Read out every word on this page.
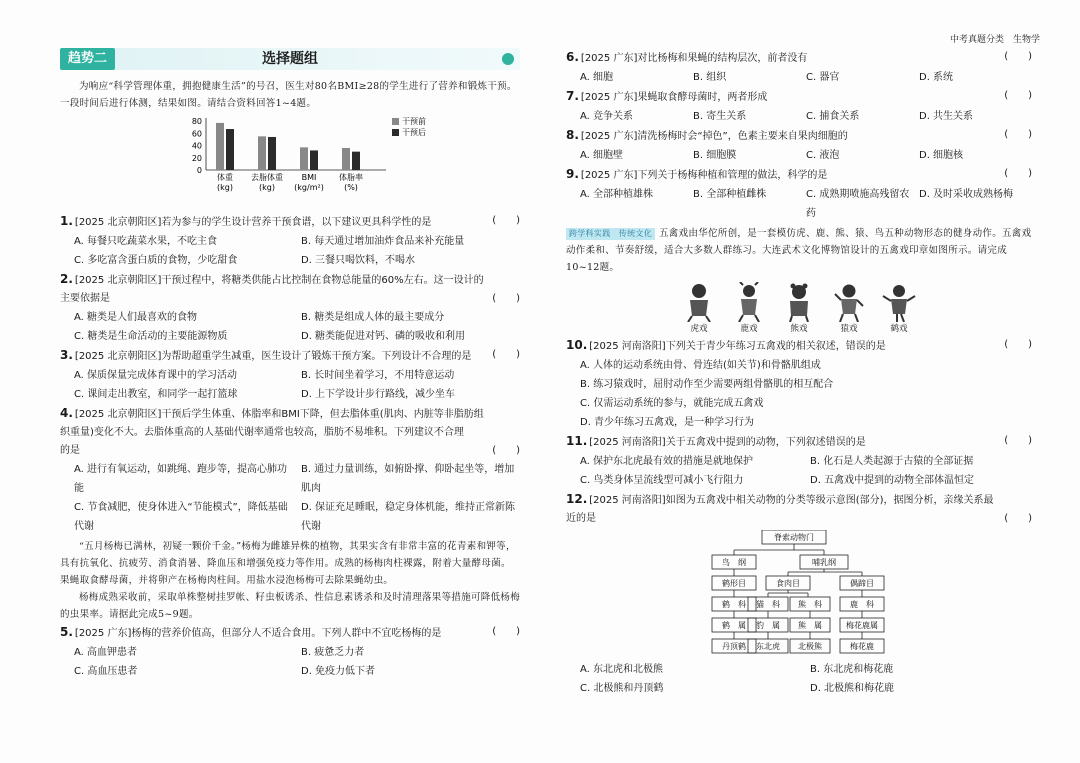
中考真题分类　生物学
选择题组
趋势二

为响应“科学管理体重，拥抱健康生活”的号召，医生对80名BMI≥28的学生进行了营养和锻炼干预。一段时间后进行体测，结果如图。请结合资料回答1~4题。

80
60
40
20
0
体重
(kg)
去脂体重
(kg)
BMI
(kg/m²)
体脂率
(%)
干预前
干预后
1. [2025 北京朝阳区]若为参与的学生设计营养干预食谱，以下建议更具科学性的是	(　　)
A. 每餐只吃蔬菜水果，不吃主食	B. 每天通过增加油炸食品来补充能量
C. 多吃富含蛋白质的食物，少吃甜食	D. 三餐只喝饮料，不喝水
2. [2025 北京朝阳区]干预过程中，将糖类供能占比控制在食物总能量的60%左右。这一设计的
主要依据是	(　　)
A. 糖类是人们最喜欢的食物	B. 糖类是组成人体的最主要成分
C. 糖类是生命活动的主要能源物质	D. 糖类能促进对钙、磷的吸收和利用
3. [2025 北京朝阳区]为帮助超重学生减重，医生设计了锻炼干预方案。下列设计不合理的是 (　　)
A. 保质保量完成体育课中的学习活动	B. 长时间坐着学习，不用特意运动
C. 课间走出教室，和同学一起打篮球	D. 上下学设计步行路线，减少坐车
4. [2025 北京朝阳区]干预后学生体重、体脂率和BMI下降，但去脂体重(肌肉、内脏等非脂肪组
织重量)变化不大。去脂体重高的人基础代谢率通常也较高，脂肪不易堆积。下列建议不合理
的是	(　　)
A. 进行有氧运动，如跳绳、跑步等，提高心肺功能
B. 通过力量训练，如俯卧撑、仰卧起坐等，增加肌肉
C. 节食减肥，使身体进入“节能模式”，降低基础代谢
D. 保证充足睡眠，稳定身体机能，维持正常新陈代谢

“五月杨梅已满林，初疑一颗价千金。”杨梅为雌雄异株的植物，其果实含有非常丰富的花青素和钾等，具有抗氧化、抗疲劳、消食消暑、降血压和增强免疫力等作用。成熟的杨梅肉柱裸露，附着大量酵母菌。果蝇取食酵母菌，并将卵产在杨梅肉柱间。用盐水浸泡杨梅可去除果蝇幼虫。

杨梅成熟采收前，采取单株整树挂罗帐、籽虫板诱杀、性信息素诱杀和及时清理落果等措施可降低杨梅的虫果率。请据此完成5~9题。

5. [2025 广东]杨梅的营养价值高，但部分人不适合食用。下列人群中不宜吃杨梅的是	(　　)
A. 高血钾患者	B. 疲惫乏力者
C. 高血压患者	D. 免疫力低下者
6. [2025 广东]对比杨梅和果蝇的结构层次，前者没有	(　　)
A. 细胞	B. 组织	C. 器官	D. 系统
7. [2025 广东]果蝇取食酵母菌时，两者形成	(　　)
A. 竞争关系	B. 寄生关系	C. 捕食关系	D. 共生关系
8. [2025 广东]清洗杨梅时会“掉色”，色素主要来自果肉细胞的	(　　)
A. 细胞壁	B. 细胞膜	C. 液泡	D. 细胞核
9. [2025 广东]下列关于杨梅种植和管理的做法，科学的是	(　　)
A. 全部种植雄株	B. 全部种植雌株	C. 成熟期喷施高残留农药
D. 及时采收成熟杨梅

跨学科实践　传统文化 五禽戏由华佗所创，是一套模仿虎、鹿、熊、猿、鸟五种动物形态的健身动作。五禽戏动作柔和、节奏舒缓，适合大多数人群练习。大连武术文化博物馆设计的五禽戏印章如图所示。请完成10~12题。

虎戏	鹿戏	熊戏	猿戏	鹤戏
10. [2025 河南洛阳]下列关于青少年练习五禽戏的相关叙述，错误的是	(　　)
A. 人体的运动系统由骨、骨连结(如关节)和骨骼肌组成
B. 练习猿戏时，屈肘动作至少需要两组骨骼肌的相互配合
C. 仅需运动系统的参与，就能完成五禽戏
D. 青少年练习五禽戏，是一种学习行为
11. [2025 河南洛阳]关于五禽戏中提到的动物，下列叙述错误的是	(　　)
A. 保护东北虎最有效的措施是就地保护	B. 化石是人类起源于古猿的全部证据
C. 鸟类身体呈流线型可减小飞行阻力	D. 五禽戏中提到的动物全部体温恒定
12. [2025 河南洛阳]如图为五禽戏中相关动物的分类等级示意图(部分)，据图分析，亲缘关系最
近的是	(　　)
脊索动物门
鸟　纲	哺乳纲
鹤形目	食肉目	偶蹄目
鹤　科 猫　科 熊　科	鹿　科
鹤　属 豹　属 熊　属	梅花鹿属
丹顶鹤 东北虎 北极熊	梅花鹿
A. 东北虎和北极熊	B. 东北虎和梅花鹿
C. 北极熊和丹顶鹤	D. 北极熊和梅花鹿
